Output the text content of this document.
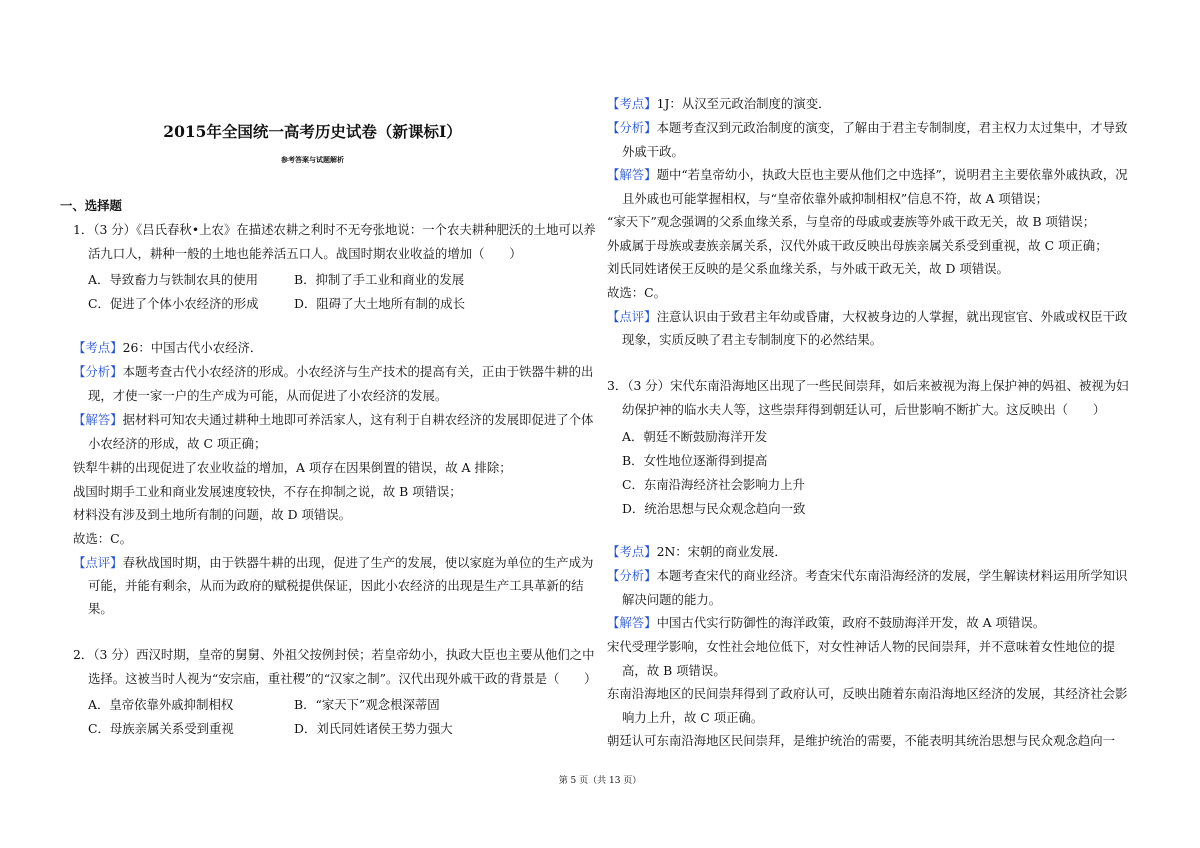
2015年全国统一高考历史试卷（新课标Ⅰ）
参考答案与试题解析
一、选择题
1．（3 分）《吕氏春秋•上农》在描述农耕之利时不无夸张地说：一个农夫耕种肥沃的土地可以养
活九口人，耕种一般的土地也能养活五口人。战国时期农业收益的增加（　　）
A．导致畜力与铁制农具的使用	B．抑制了手工业和商业的发展
C．促进了个体小农经济的形成	D．阻碍了大土地所有制的成长
【考点】26：中国古代小农经济．
【分析】本题考查古代小农经济的形成。小农经济与生产技术的提高有关，正由于铁器牛耕的出
现，才使一家一户的生产成为可能，从而促进了小农经济的发展。
【解答】据材料可知农夫通过耕种土地即可养活家人，这有利于自耕农经济的发展即促进了个体
小农经济的形成，故 C 项正确；
铁犁牛耕的出现促进了农业收益的增加，A 项存在因果倒置的错误，故 A 排除；
战国时期手工业和商业发展速度较快，不存在抑制之说，故 B 项错误；
材料没有涉及到土地所有制的问题，故 D 项错误。
故选：C。
【点评】春秋战国时期，由于铁器牛耕的出现，促进了生产的发展，使以家庭为单位的生产成为
可能，并能有剩余，从而为政府的赋税提供保证，因此小农经济的出现是生产工具革新的结
果。
2．（3 分）西汉时期，皇帝的舅舅、外祖父按例封侯；若皇帝幼小，执政大臣也主要从他们之中
选择。这被当时人视为“安宗庙，重社稷”的“汉家之制”。汉代出现外戚干政的背景是（　　）
A．皇帝依靠外戚抑制相权	B．“家天下”观念根深蒂固
C．母族亲属关系受到重视	D．刘氏同姓诸侯王势力强大
【考点】1J：从汉至元政治制度的演变．
【分析】本题考查汉到元政治制度的演变，了解由于君主专制制度，君主权力太过集中，才导致
外戚干政。
【解答】题中“若皇帝幼小，执政大臣也主要从他们之中选择”，说明君主主要依靠外戚执政，况
且外戚也可能掌握相权，与“皇帝依靠外戚抑制相权”信息不符，故 A 项错误；
“家天下”观念强调的父系血缘关系，与皇帝的母戚或妻族等外戚干政无关，故 B 项错误；
外戚属于母族或妻族亲属关系，汉代外戚干政反映出母族亲属关系受到重视，故 C 项正确；
刘氏同姓诸侯王反映的是父系血缘关系，与外戚干政无关，故 D 项错误。
故选：C。
【点评】注意认识由于致君主年幼或昏庸，大权被身边的人掌握，就出现宦官、外戚或权臣干政
现象，实质反映了君主专制制度下的必然结果。
3．（3 分）宋代东南沿海地区出现了一些民间崇拜，如后来被视为海上保护神的妈祖、被视为妇
幼保护神的临水夫人等，这些崇拜得到朝廷认可，后世影响不断扩大。这反映出（　　）
A．朝廷不断鼓励海洋开发
B．女性地位逐渐得到提高
C．东南沿海经济社会影响力上升
D．统治思想与民众观念趋向一致
【考点】2N：宋朝的商业发展．
【分析】本题考查宋代的商业经济。考查宋代东南沿海经济的发展，学生解读材料运用所学知识
解决问题的能力。
【解答】中国古代实行防御性的海洋政策，政府不鼓励海洋开发，故 A 项错误。
宋代受理学影响，女性社会地位低下，对女性神话人物的民间崇拜，并不意味着女性地位的提
高，故 B 项错误。
东南沿海地区的民间崇拜得到了政府认可，反映出随着东南沿海地区经济的发展，其经济社会影
响力上升，故 C 项正确。
朝廷认可东南沿海地区民间崇拜，是维护统治的需要，不能表明其统治思想与民众观念趋向一
第 5 页（共 13 页）
